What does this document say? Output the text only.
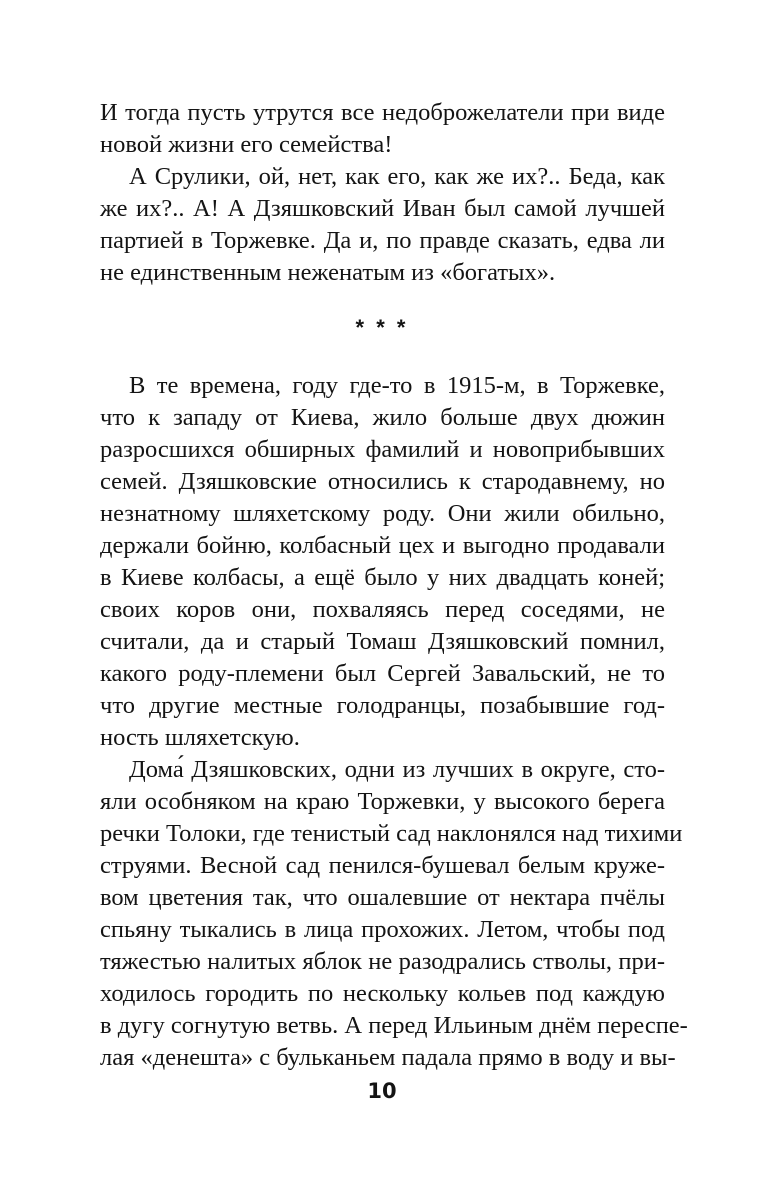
И тогда пусть утрутся все недоброжелатели при виде

новой жизни его семейства!

А Срулики, ой, нет, как его, как же их?.. Беда, как

же их?.. А! А Дзяшковский Иван был самой лучшей

партией в Торжевке. Да и, по правде сказать, едва ли

не единственным неженатым из «богатых».

* * *

В те времена, году где-то в 1915-м, в Торжевке,

что к западу от Киева, жило больше двух дюжин

разросшихся обширных фамилий и новоприбывших

семей. Дзяшковские относились к стародавнему, но

незнатному шляхетскому роду. Они жили обильно,

держали бойню, колбасный цех и выгодно продавали

в Киеве колбасы, а ещё было у них двадцать коней;

своих коров они, похваляясь перед соседями, не

считали, да и старый Томаш Дзяшковский помнил,

какого роду-племени был Сергей Завальский, не то

что другие местные голодранцы, позабывшие год-

ность шляхетскую.

Дома́ Дзяшковских, одни из лучших в округе, сто-

яли особняком на краю Торжевки, у высокого берега

речки Толоки, где тенистый сад наклонялся над тихими

струями. Весной сад пенился-бушевал белым круже-

вом цветения так, что ошалевшие от нектара пчёлы

спьяну тыкались в лица прохожих. Летом, чтобы под

тяжестью налитых яблок не разодрались стволы, при-

ходилось городить по нескольку кольев под каждую

в дугу согнутую ветвь. А перед Ильиным днём переспе-

лая «денешта» с бульканьем падала прямо в воду и вы-

10
